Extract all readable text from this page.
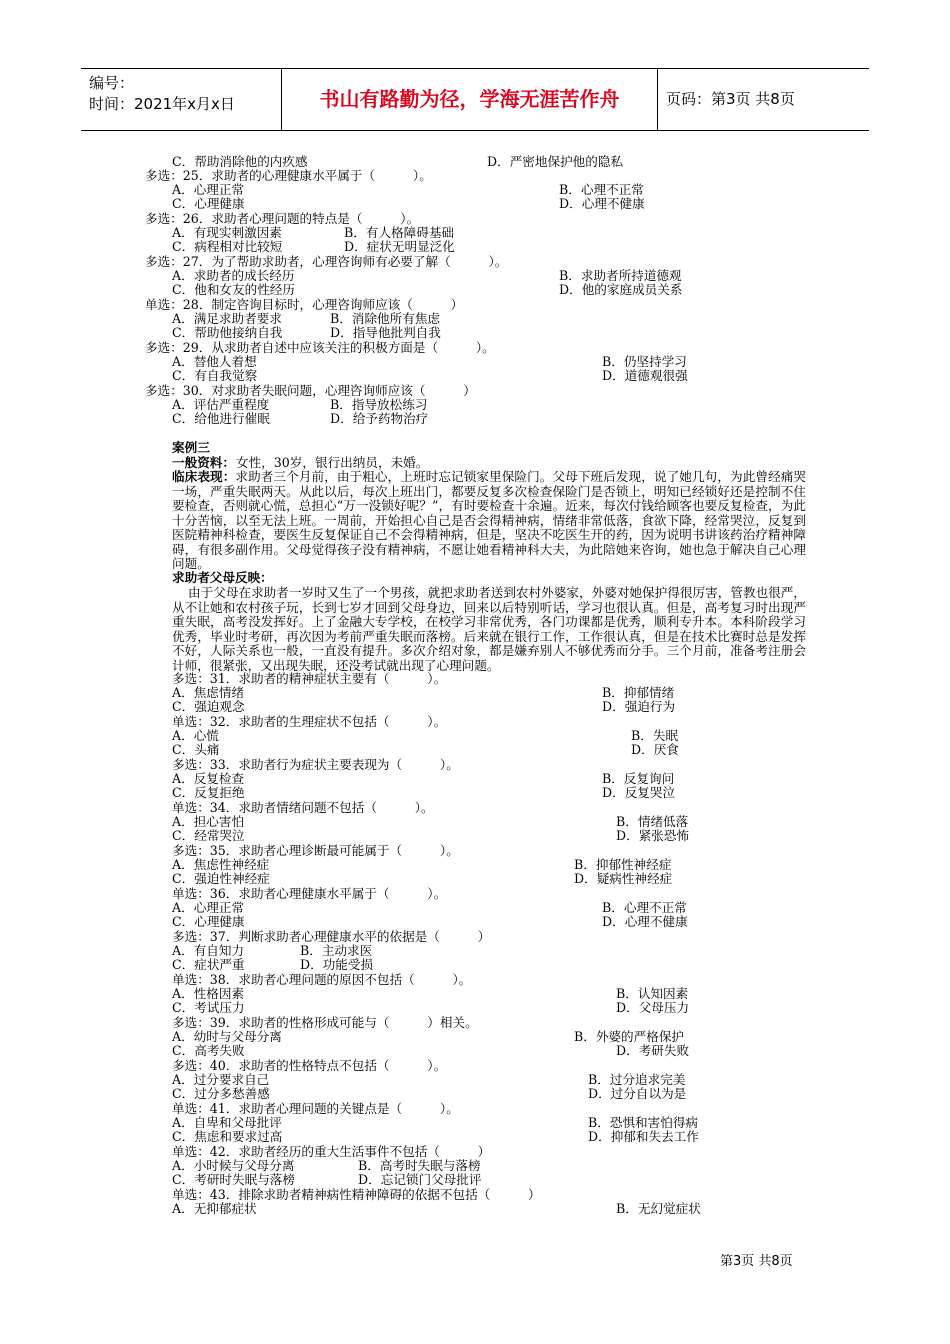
编号：
时间：2021年x月x日	书山有路勤为径，学海无涯苦作舟	页码：第3页 共8页
C．帮助消除他的内疚感	D．严密地保护他的隐私
多选：25．求助者的心理健康水平属于（　　　）。
A．心理正常	B．心理不正常
C．心理健康	D．心理不健康
多选：26．求助者心理问题的特点是（　　　）。
A．有现实刺激因素	B．有人格障碍基础
C．病程相对比较短	D．症状无明显泛化
多选：27．为了帮助求助者，心理咨询师有必要了解（　　　）。
A．求助者的成长经历	B．求助者所持道德观
C．他和女友的性经历	D．他的家庭成员关系
单选：28．制定咨询目标时，心理咨询师应该（　　　）
A．满足求助者要求	B．消除他所有焦虑
C．帮助他接纳自我	D．指导他批判自我
多选：29．从求助者自述中应该关注的积极方面是（　　　）。
A．替他人着想	B．仍坚持学习
C．有自我觉察	D．道德观很强
多选：30．对求助者失眠问题，心理咨询师应该（　　　）
A．评估严重程度	B．指导放松练习
C．给他进行催眠	D．给予药物治疗
案例三
一般资料： 女性，30岁，银行出纳员，未婚。
临床表现：求助者三个月前，由于粗心，上班时忘记锁家里保险门。父母下班后发现，说了她几句，为此曾经痛哭一场，严重失眠两天。从此以后，每次上班出门，都要反复多次检查保险门是否锁上，明知已经锁好还是控制不住要检查，否则就心慌，总担心“万一没锁好呢？”，有时要检查十余遍。近来，每次付钱给顾客也要反复检查，为此十分苦恼，以至无法上班。一周前，开始担心自己是否会得精神病，情绪非常低落，食欲下降，经常哭泣，反复到医院精神科检查，要医生反复保证自己不会得精神病，但是，坚决不吃医生开的药，因为说明书讲该药治疗精神障碍，有很多副作用。父母觉得孩子没有精神病，不愿让她看精神科大夫，为此陪她来咨询，她也急于解决自己心理问题。
求助者父母反映：
由于父母在求助者一岁时又生了一个男孩，就把求助者送到农村外婆家，外婆对她保护得很厉害，管教也很严，从不让她和农村孩子玩，长到七岁才回到父母身边，回来以后特别听话，学习也很认真。但是，高考复习时出现严重失眠，高考没发挥好。上了金融大专学校，在校学习非常优秀，各门功课都是优秀，顺利专升本。本科阶段学习优秀，毕业时考研，再次因为考前严重失眠而落榜。后来就在银行工作，工作很认真，但是在技术比赛时总是发挥不好，人际关系也一般，一直没有提升。多次介绍对象，都是嫌弃别人不够优秀而分手。三个月前，准备考注册会计师，很紧张，又出现失眠，还没考试就出现了心理问题。
多选：31．求助者的精神症状主要有（　　　）。
A．焦虑情绪	B．抑郁情绪
C．强迫观念	D．强迫行为
单选：32．求助者的生理症状不包括（　　　）。
A．心慌	B．失眠
C．头痛	D．厌食
多选：33．求助者行为症状主要表现为（　　　）。
A．反复检查	B．反复询问
C．反复拒绝	D．反复哭泣
单选：34．求助者情绪问题不包括（　　　）。
A．担心害怕	B．情绪低落
C．经常哭泣	D．紧张恐怖
多选：35．求助者心理诊断最可能属于（　　　）。
A．焦虑性神经症	B．抑郁性神经症
C．强迫性神经症	D．疑病性神经症
单选：36．求助者心理健康水平属于（　　　）。
A．心理正常	B．心理不正常
C．心理健康	D．心理不健康
多选：37．判断求助者心理健康水平的依据是（　　　）
A．有自知力	B．主动求医
C．症状严重	D．功能受损
单选：38．求助者心理问题的原因不包括（　　　）。
A．性格因素	B．认知因素
C．考试压力	D．父母压力
多选：39．求助者的性格形成可能与（　　　）相关。
A．幼时与父母分离	B．外婆的严格保护
C．高考失败	D．考研失败
多选：40．求助者的性格特点不包括（　　　）。
A．过分要求自己	B．过分追求完美
C．过分多愁善感	D．过分自以为是
单选：41．求助者心理问题的关键点是（　　　）。
A．自卑和父母批评	B．恐惧和害怕得病
C．焦虑和要求过高	D．抑郁和失去工作
单选：42．求助者经历的重大生活事件不包括（　　　）
A．小时候与父母分离	B．高考时失眠与落榜
C．考研时失眠与落榜	D．忘记锁门父母批评
单选：43．排除求助者精神病性精神障碍的依据不包括（　　　）
A．无抑郁症状	B．无幻觉症状
第3页 共8页
